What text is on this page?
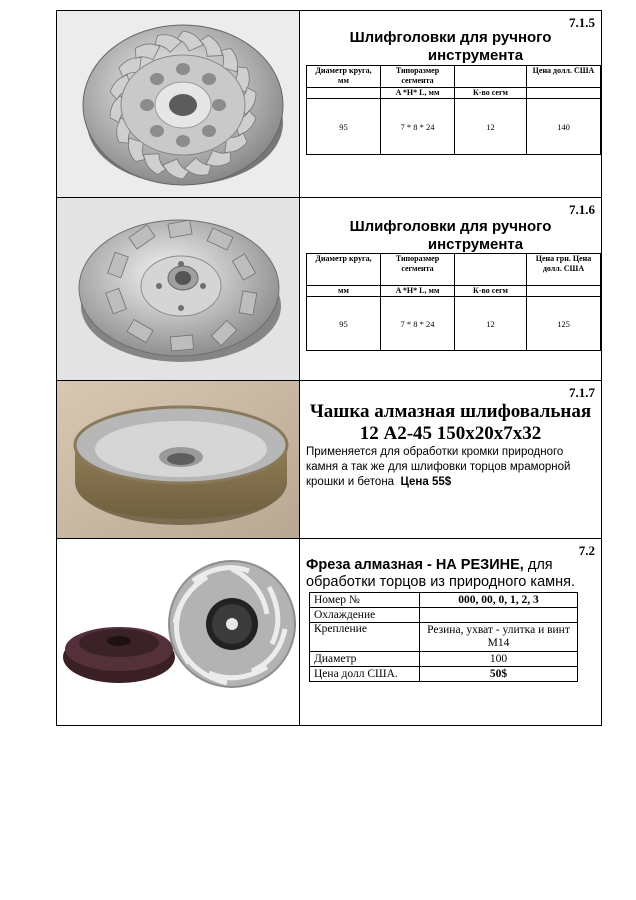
7.1.5
Шлифголовки для ручного
инструмента
Диаметр круга,
мм	Типоразмер сегмента		Цена долл. США
	A *H* L, мм	К-во сегм	
95	7 * 8 * 24	12	140
7.1.6
Шлифголовки для ручного
инструмента
Диаметр круга,	Типоразмер сегмента		Цена грн. Цена долл. США
мм	A *H* L, мм	К-во сегм	
95	7 * 8 * 24	12	125
7.1.7
Чашка алмазная шлифовальная
12 А2-45 150х20х7х32
Применяется для обработки кромки природного камня а так же для шлифовки торцов мраморной крошки и бетона Цена 55$
7.2
Фреза алмазная - НА РЕЗИНЕ, для обработки торцов из природного камня.
Номер №	000, 00, 0, 1, 2, 3
Охлаждение	
Крепление	Резина, ухват - улитка и винт М14
Диаметр	100
Цена долл США.	50$
